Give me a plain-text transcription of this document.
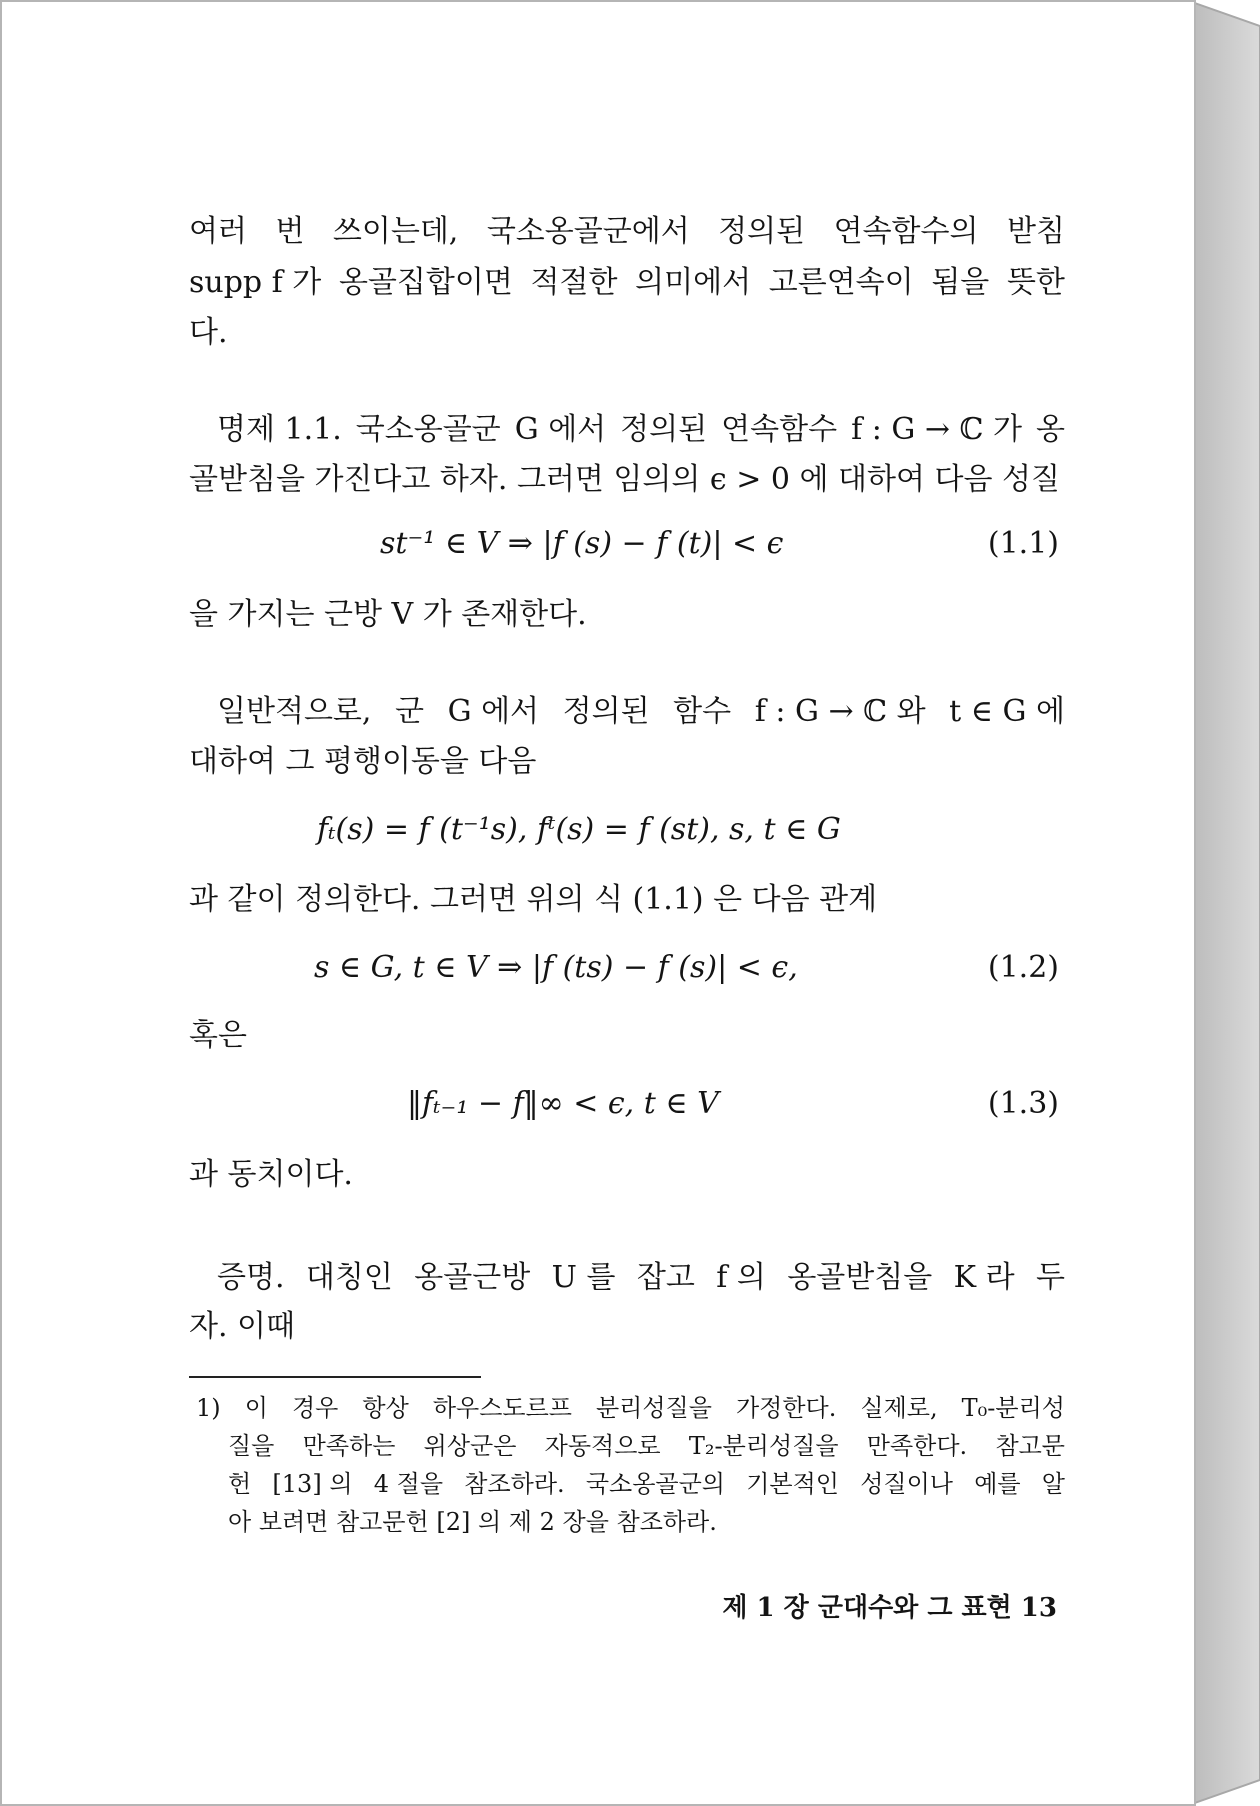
여러 번 쓰이는데, 국소옹골군에서 정의된 연속함수의 받침
supp f 가 옹골집합이면 적절한 의미에서 고른연속이 됨을 뜻한
다.
명제 1.1. 국소옹골군 G 에서 정의된 연속함수 f : G → ℂ 가 옹
골받침을 가진다고 하자. 그러면 임의의 ϵ > 0 에 대하여 다음 성질
st⁻¹ ∈ V ⇒ |f (s) − f (t)| < ϵ	(1.1)
을 가지는 근방 V 가 존재한다.
일반적으로, 군 G 에서 정의된 함수 f : G → ℂ 와 t ∈ G 에
대하여 그 평행이동을 다음
fₜ(s) = f (t⁻¹s), fᵗ(s) = f (st), s, t ∈ G
과 같이 정의한다. 그러면 위의 식 (1.1) 은 다음 관계
s ∈ G, t ∈ V ⇒ |f (ts) − f (s)| < ϵ,	(1.2)
혹은
‖fₜ₋₁ − f‖∞ < ϵ, t ∈ V	(1.3)
과 동치이다.
증명. 대칭인 옹골근방 U 를 잡고 f 의 옹골받침을 K 라 두
자. 이때
1) 이 경우 항상 하우스도르프 분리성질을 가정한다. 실제로, T₀-분리성
질을 만족하는 위상군은 자동적으로 T₂-분리성질을 만족한다. 참고문
헌 [13] 의 4 절을 참조하라. 국소옹골군의 기본적인 성질이나 예를 알
아 보려면 참고문헌 [2] 의 제 2 장을 참조하라.
제 1 장 군대수와 그 표현 13
